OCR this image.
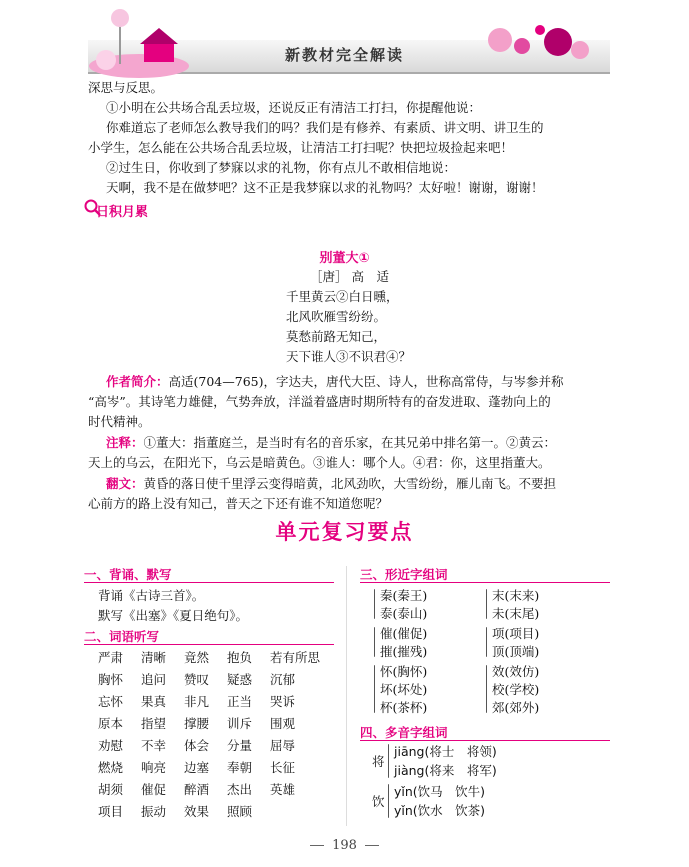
新教材完全解读
深思与反思。
①小明在公共场合乱丢垃圾，还说反正有清洁工打扫，你提醒他说：
你难道忘了老师怎么教导我们的吗？我们是有修养、有素质、讲文明、讲卫生的
小学生，怎么能在公共场合乱丢垃圾，让清洁工打扫呢？快把垃圾捡起来吧！
②过生日，你收到了梦寐以求的礼物，你有点儿不敢相信地说：
天啊，我不是在做梦吧？这不正是我梦寐以求的礼物吗？太好啦！谢谢，谢谢！
日积月累
别董大①
［唐］ 高　适
千里黄云②白日曛，
北风吹雁雪纷纷。
莫愁前路无知己，
天下谁人③不识君④？
作者简介：高适(704—765)，字达夫，唐代大臣、诗人，世称高常侍，与岑参并称
“高岑”。其诗笔力雄健，气势奔放，洋溢着盛唐时期所特有的奋发进取、蓬勃向上的
时代精神。
注释：①董大：指董庭兰，是当时有名的音乐家，在其兄弟中排名第一。②黄云：
天上的乌云，在阳光下，乌云是暗黄色。③谁人：哪个人。④君：你，这里指董大。
翻文：黄昏的落日使千里浮云变得暗黄，北风劲吹，大雪纷纷，雁儿南飞。不要担
心前方的路上没有知己，普天之下还有谁不知道您呢？
单元复习要点
一、背诵、默写
背诵《古诗三首》。
默写《出塞》《夏日绝句》。
二、词语听写
严肃 清晰 竟然 抱负 若有所思
胸怀 追问 赞叹 疑惑 沉郁
忘怀 果真 非凡 正当 哭诉
原本 指望 撑腰 训斥 围观
劝慰 不幸 体会 分量 屈辱
燃烧 响亮 边塞 奉朝 长征
胡须 催促 醉酒 杰出 英雄
项目 振动 效果 照顾
三、形近字组词
秦(秦王)
泰(泰山)
催(催促)
摧(摧残)
怀(胸怀)
坏(坏处)
杯(茶杯)
末(末来)
未(末尾)
项(项目)
顶(顶端)
效(效仿)
校(学校)
郊(郊外)
四、多音字组词
将
jiāng(将士　将领)
jiàng(将来　将军)
饮
yǐn(饮马　饮牛)
yǐn(饮水　饮茶)
198
